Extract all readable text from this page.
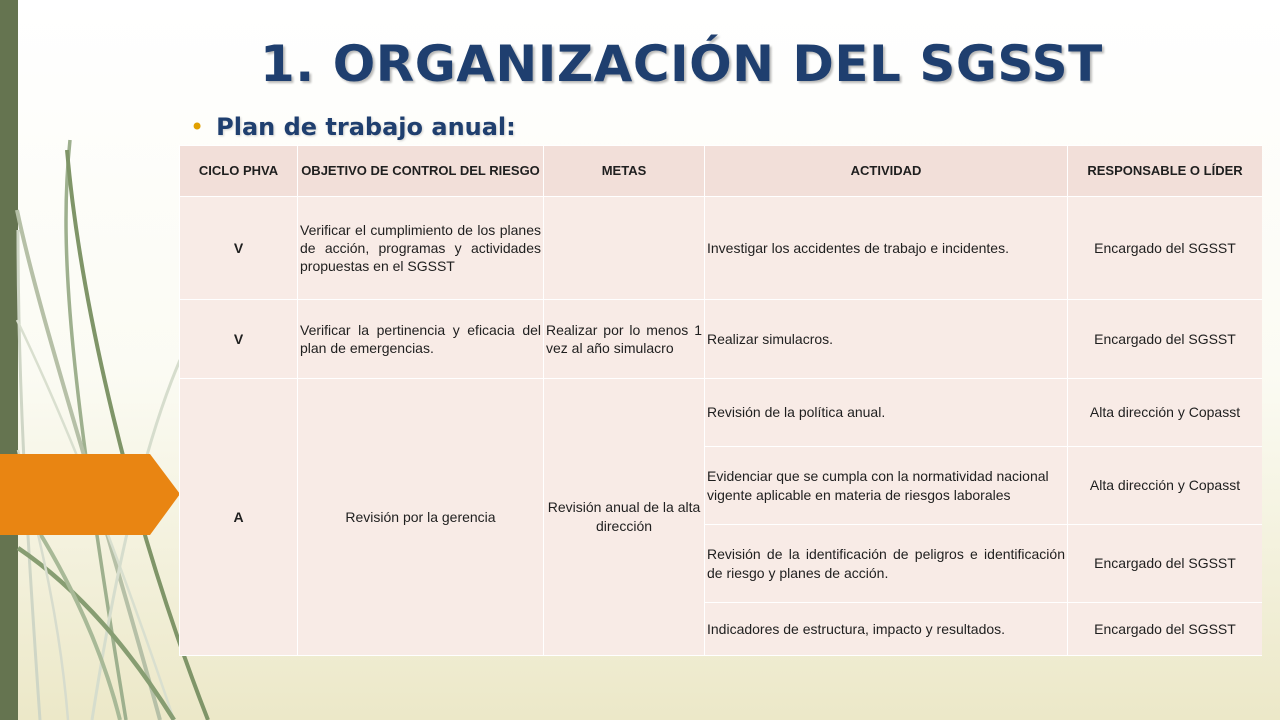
1. ORGANIZACIÓN DEL SGSST
• Plan de trabajo anual:
CICLO PHVA	OBJETIVO DE CONTROL DEL RIESGO	METAS	ACTIVIDAD	RESPONSABLE O LÍDER
V	Verificar el cumplimiento de los planes de acción, programas y actividades propuestas en el SGSST		Investigar los accidentes de trabajo e incidentes.	Encargado del SGSST
V	Verificar la pertinencia y eficacia del plan de emergencias.	Realizar por lo menos 1 vez al año simulacro	Realizar simulacros.	Encargado del SGSST
A	Revisión por la gerencia	Revisión anual de la alta dirección	Revisión de la política anual.	Alta dirección y Copasst
			Evidenciar que se cumpla con la normatividad nacional vigente aplicable en materia de riesgos laborales	Alta dirección y Copasst
			Revisión de la identificación de peligros e identificación de riesgo y planes de acción.	Encargado del SGSST
			Indicadores de estructura, impacto y resultados.	Encargado del SGSST
